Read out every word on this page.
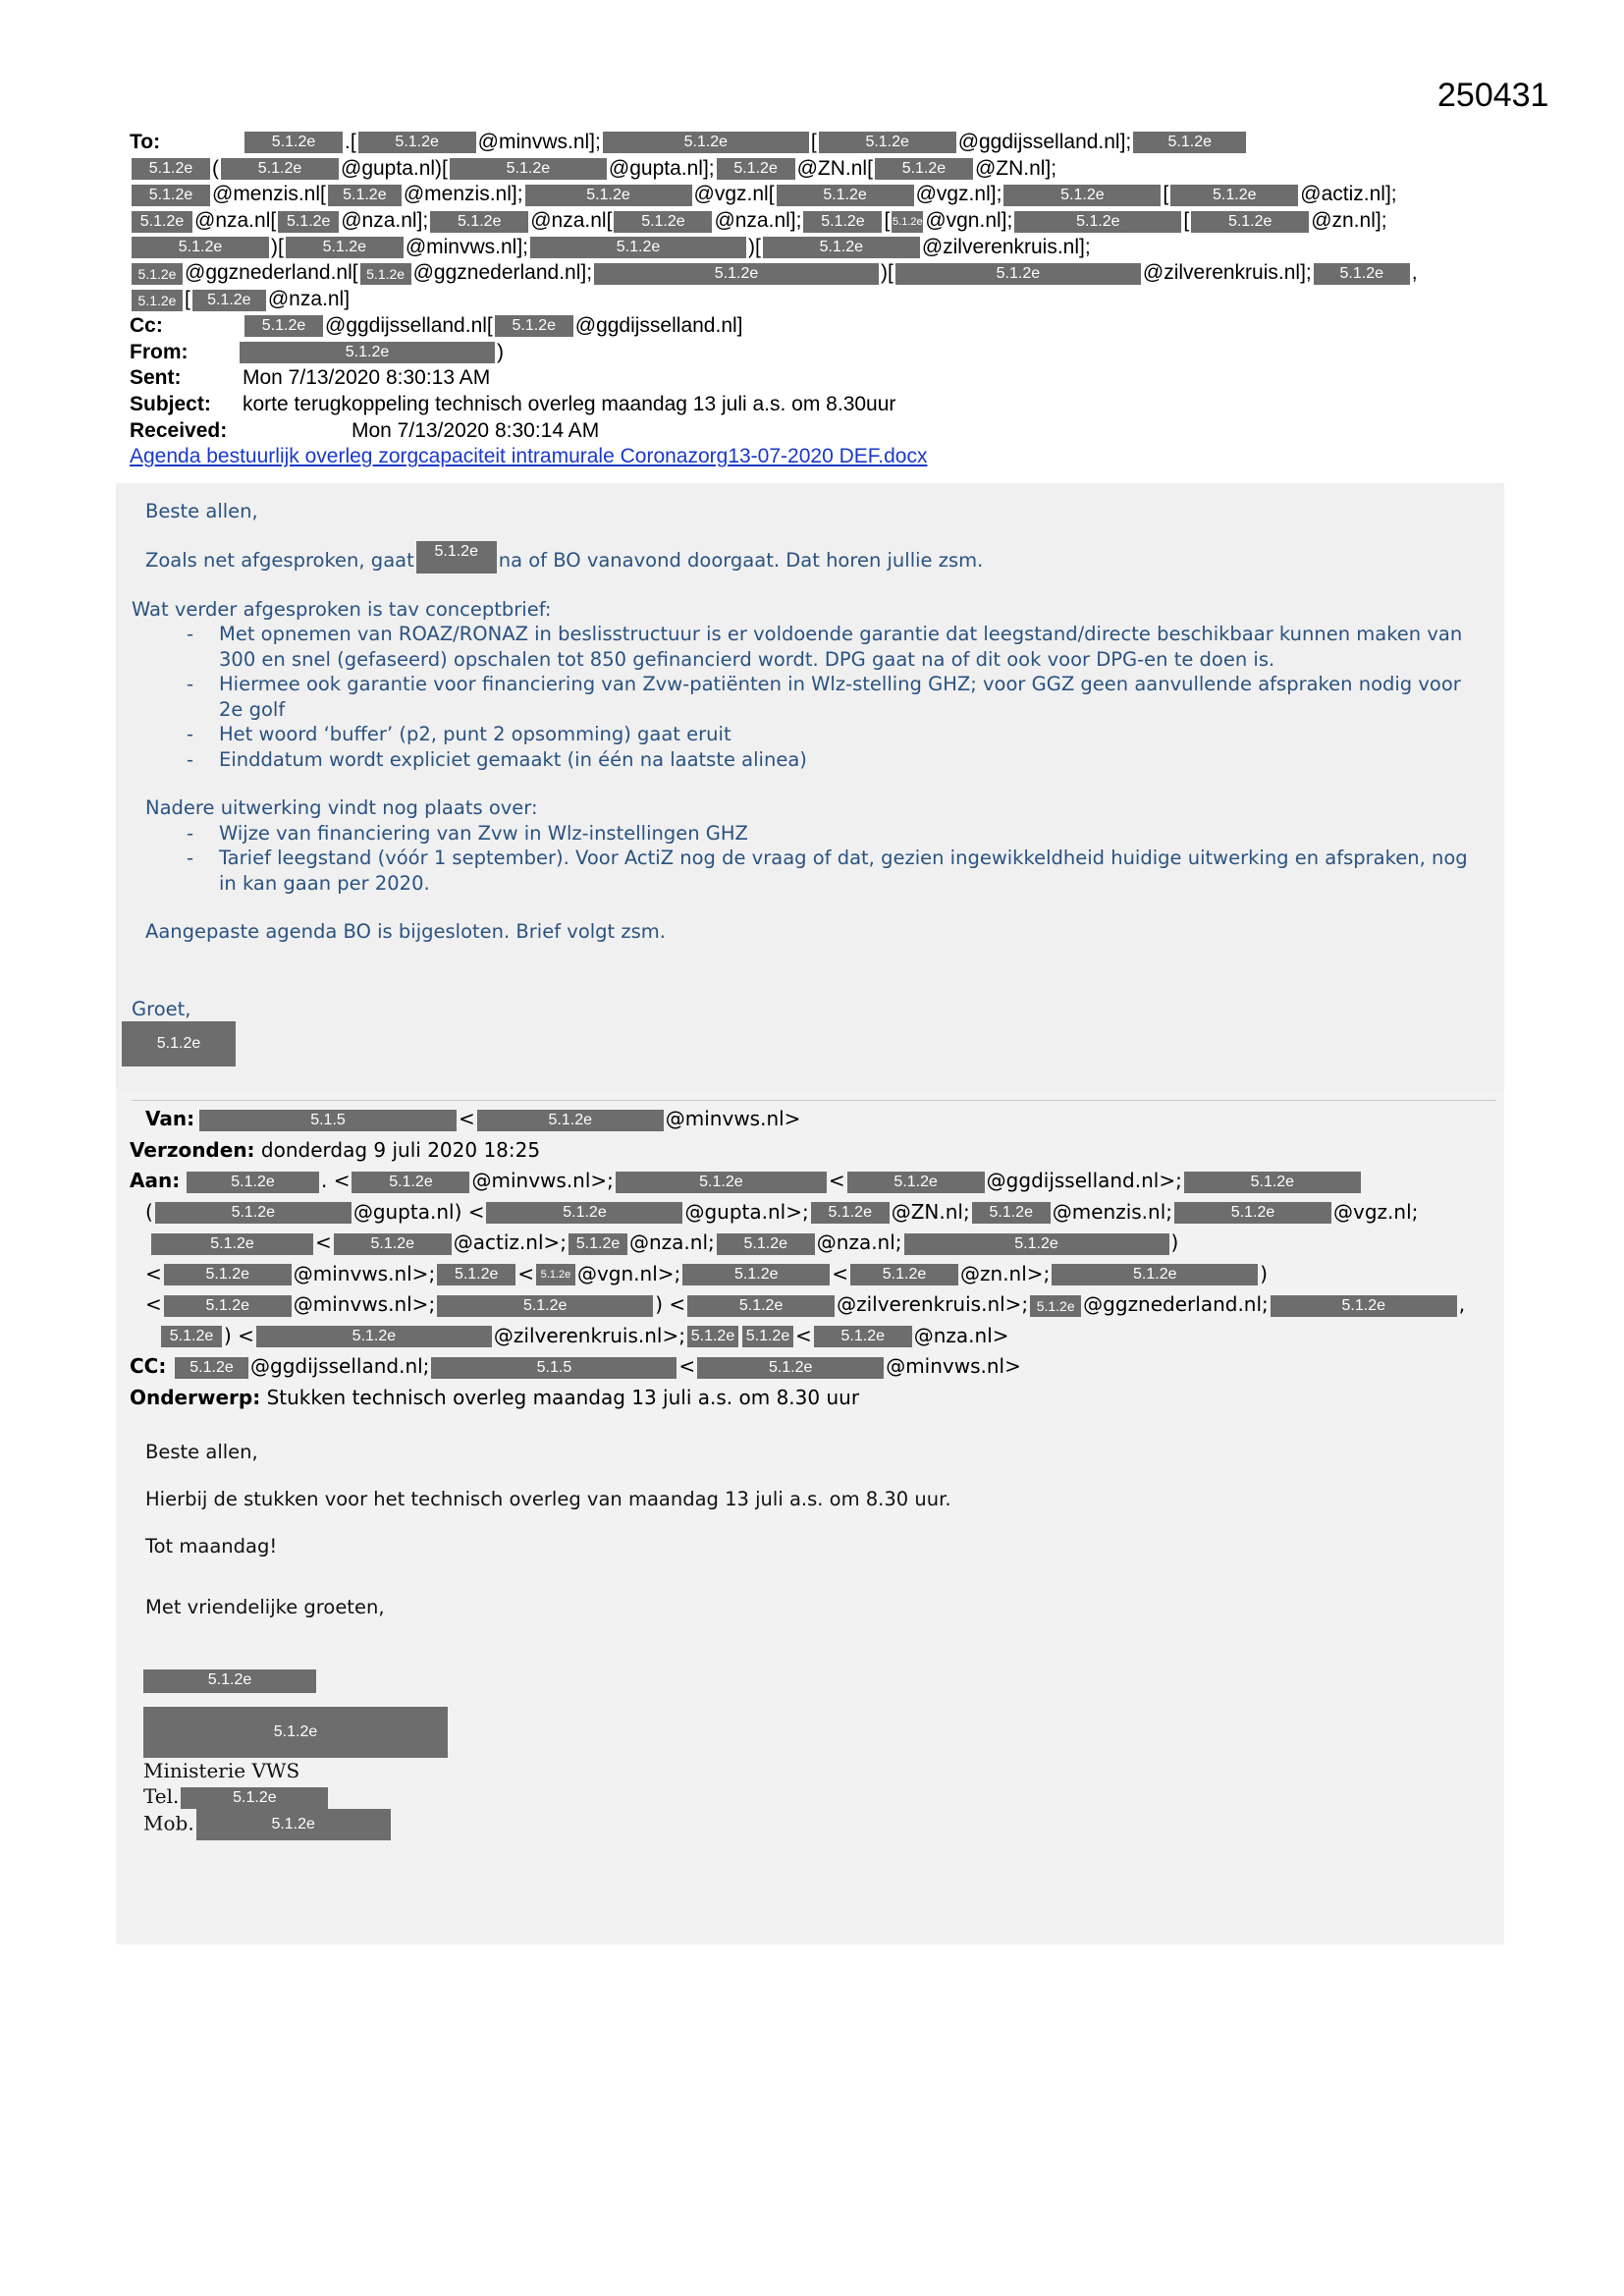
250431
To:	5.1.2e .[ 5.1.2e @minvws.nl];	5.1.2e	[	5.1.2e @ggdijsselland.nl]; 5.1.2e
5.1.2e ( 5.1.2e @gupta.nl)[	5.1.2e	@gupta.nl]; 5.1.2e @ZN.nl[ 5.1.2e @ZN.nl];
5.1.2e @menzis.nl[ 5.1.2e @menzis.nl];	5.1.2e	@vgz.nl[	5.1.2e @vgz.nl];	5.1.2e	[	5.1.2e @actiz.nl];
5.1.2e @nza.nl[ 5.1.2e @nza.nl]; 5.1.2e @nza.nl[ 5.1.2e @nza.nl]; 5.1.2e [ 5.1.2e @vgn.nl];	5.1.2e	[ 5.1.2e @zn.nl];
5.1.2e )[ 5.1.2e @minvws.nl];	5.1.2e	)[	5.1.2e	@zilverenkruis.nl];
5.1.2e @ggznederland.nl[ 5.1.2e @ggznederland.nl];	5.1.2e	)[	5.1.2e	@zilverenkruis.nl]; 5.1.2e ,
5.1.2e [ 5.1.2e @nza.nl]
Cc:	5.1.2e @ggdijsselland.nl[ 5.1.2e @ggdijsselland.nl]
From:	5.1.2e	)
Sent:	Mon 7/13/2020 8:30:13 AM
Subject: korte terugkoppeling technisch overleg maandag 13 juli a.s. om 8.30uur
Received:	Mon 7/13/2020 8:30:14 AM
Agenda bestuurlijk overleg zorgcapaciteit intramurale Coronazorg13-07-2020 DEF.docx

Beste allen,

Zoals net afgesproken, gaat 5.1.2e na of BO vanavond doorgaat. Dat horen jullie zsm.

Wat verder afgesproken is tav conceptbrief:

- Met opnemen van ROAZ/RONAZ in beslisstructuur is er voldoende garantie dat leegstand/directe beschikbaar kunnen maken van 300 en snel (gefaseerd) opschalen tot 850 gefinancierd wordt. DPG gaat na of dit ook voor DPG-en te doen is.
- Hiermee ook garantie voor financiering van Zvw-patiënten in Wlz-stelling GHZ; voor GGZ geen aanvullende afspraken nodig voor 2e golf
- Het woord ‘buffer’ (p2, punt 2 opsomming) gaat eruit
- Einddatum wordt expliciet gemaakt (in één na laatste alinea)

Nadere uitwerking vindt nog plaats over:

- Wijze van financiering van Zvw in Wlz-instellingen GHZ
- Tarief leegstand (vóór 1 september). Voor ActiZ nog de vraag of dat, gezien ingewikkeldheid huidige uitwerking en afspraken, nog in kan gaan per 2020.

Aangepaste agenda BO is bijgesloten. Brief volgt zsm.

Groet,
5.1.2e
Van:	5.1.5	<	5.1.2e	@minvws.nl>
Verzonden: donderdag 9 juli 2020 18:25
Aan:	5.1.2e . < 5.1.2e @minvws.nl>;	5.1.2e	<	5.1.2e @ggdijsselland.nl>;	5.1.2e
(	5.1.2e	@gupta.nl) <	5.1.2e	@gupta.nl>; 5.1.2e @ZN.nl; 5.1.2e @menzis.nl;	5.1.2e	@vgz.nl;
5.1.2e	< 5.1.2e @actiz.nl>; 5.1.2e @nza.nl; 5.1.2e @nza.nl;	5.1.2e	)
<	5.1.2e @minvws.nl>; 5.1.2e < 5.1.2e @vgn.nl>;	5.1.2e	< 5.1.2e @zn.nl>;	5.1.2e	)
<	5.1.2e @minvws.nl>;	5.1.2e	) <	5.1.2e	@zilverenkruis.nl>; 5.1.2e @ggznederland.nl;	5.1.2e	,
5.1.2e ) <	5.1.2e	@zilverenkruis.nl>; 5.1.2e 5.1.2e < 5.1.2e @nza.nl>
CC: 5.1.2e @ggdijsselland.nl;	5.1.5	<	5.1.2e	@minvws.nl>
Onderwerp: Stukken technisch overleg maandag 13 juli a.s. om 8.30 uur

Beste allen,

Hierbij de stukken voor het technisch overleg van maandag 13 juli a.s. om 8.30 uur.

Tot maandag!

Met vriendelijke groeten,

5.1.2e
5.1.2e
Ministerie VWS
Tel.	5.1.2e
Mob.	5.1.2e
